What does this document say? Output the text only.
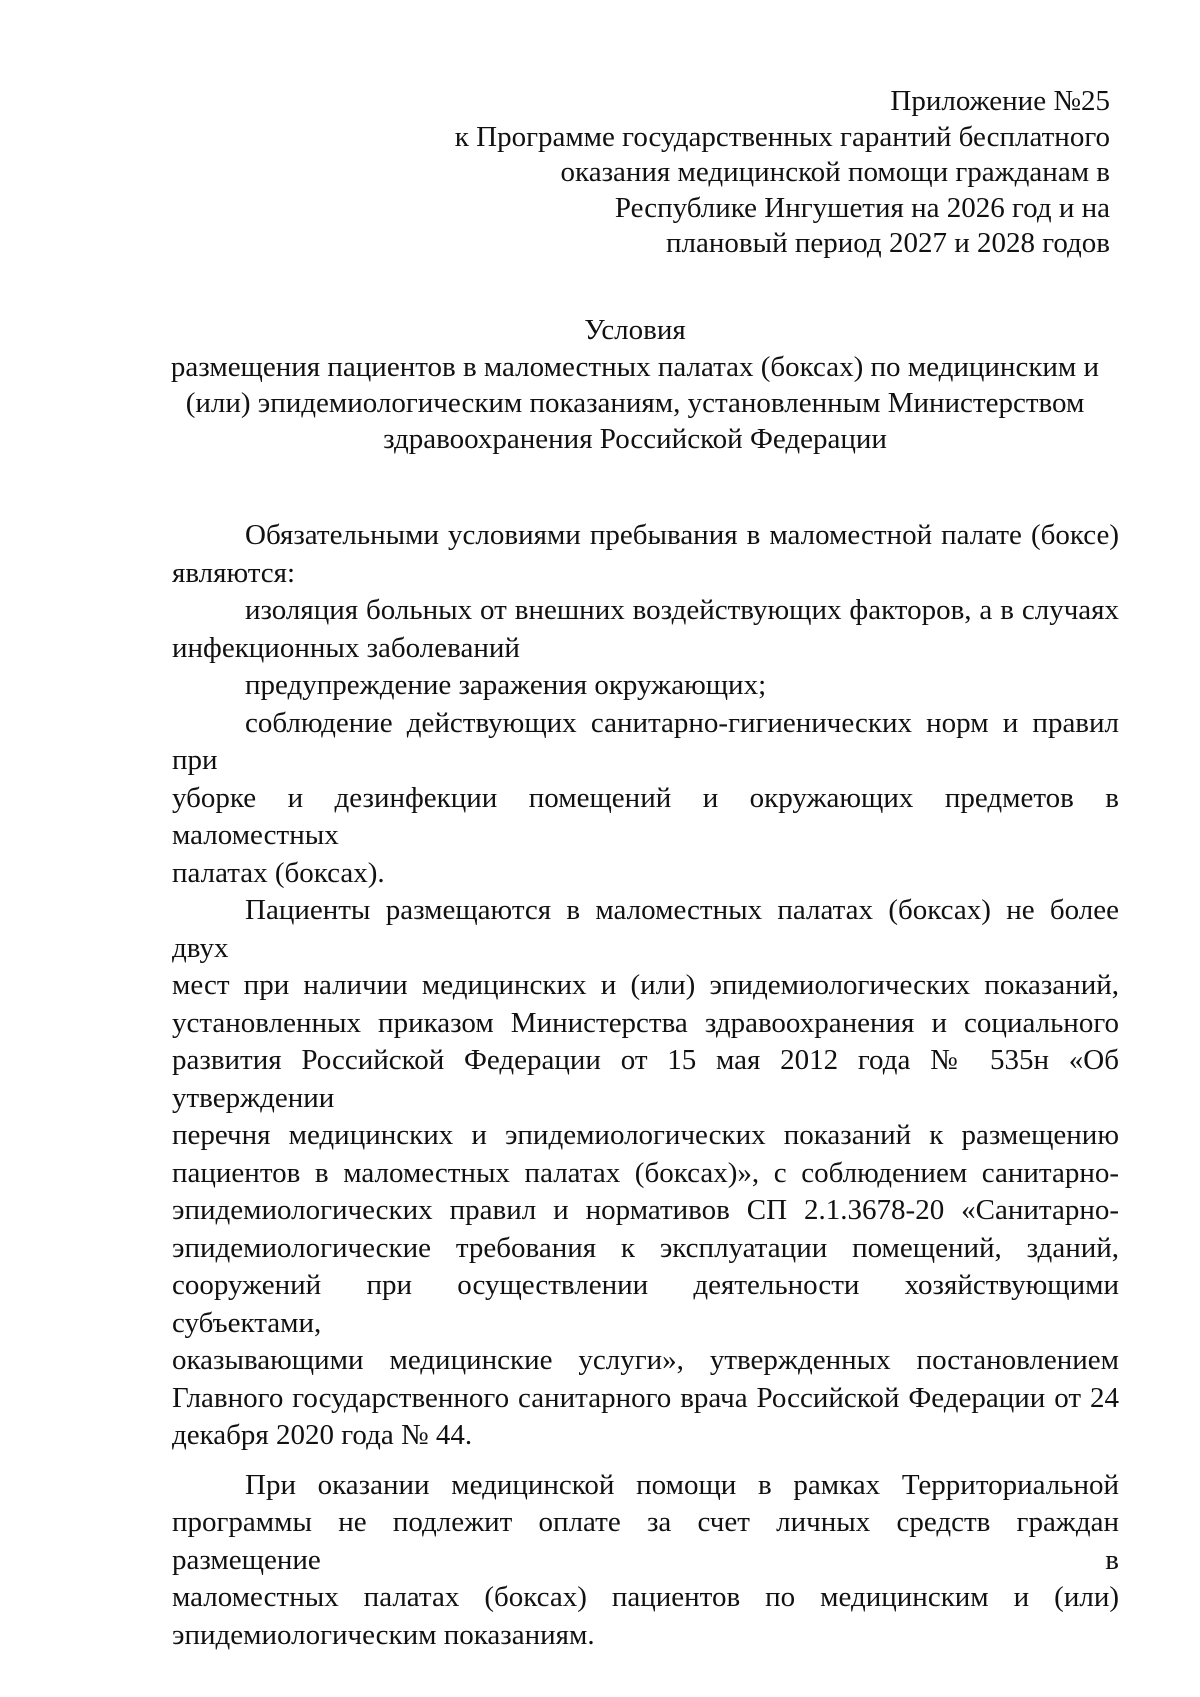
Приложение №25
к Программе государственных гарантий бесплатного
оказания медицинской помощи гражданам в
Республике Ингушетия на 2026 год и на
плановый период 2027 и 2028 годов
Условия
размещения пациентов в маломестных палатах (боксах) по медицинским и
(или) эпидемиологическим показаниям, установленным Министерством
здравоохранения Российской Федерации
Обязательными условиями пребывания в маломестной палате (боксе)
являются:
изоляция больных от внешних воздействующих факторов, а в случаях
инфекционных заболеваний
предупреждение заражения окружающих;
соблюдение действующих санитарно-гигиенических норм и правил при
уборке и дезинфекции помещений и окружающих предметов в маломестных
палатах (боксах).
Пациенты размещаются в маломестных палатах (боксах) не более двух
мест при наличии медицинских и (или) эпидемиологических показаний,
установленных приказом Министерства здравоохранения и социального
развития Российской Федерации от 15 мая 2012 года № 535н «Об утверждении
перечня медицинских и эпидемиологических показаний к размещению
пациентов в маломестных палатах (боксах)», с соблюдением санитарно-
эпидемиологических правил и нормативов СП 2.1.3678-20 «Санитарно-
эпидемиологические требования к эксплуатации помещений, зданий,
сооружений при осуществлении деятельности хозяйствующими субъектами,
оказывающими медицинские услуги», утвержденных постановлением
Главного государственного санитарного врача Российской Федерации от 24
декабря 2020 года № 44.
При оказании медицинской помощи в рамках Территориальной
программы не подлежит оплате за счет личных средств граждан размещение в
маломестных палатах (боксах) пациентов по медицинским и (или)
эпидемиологическим показаниям.
